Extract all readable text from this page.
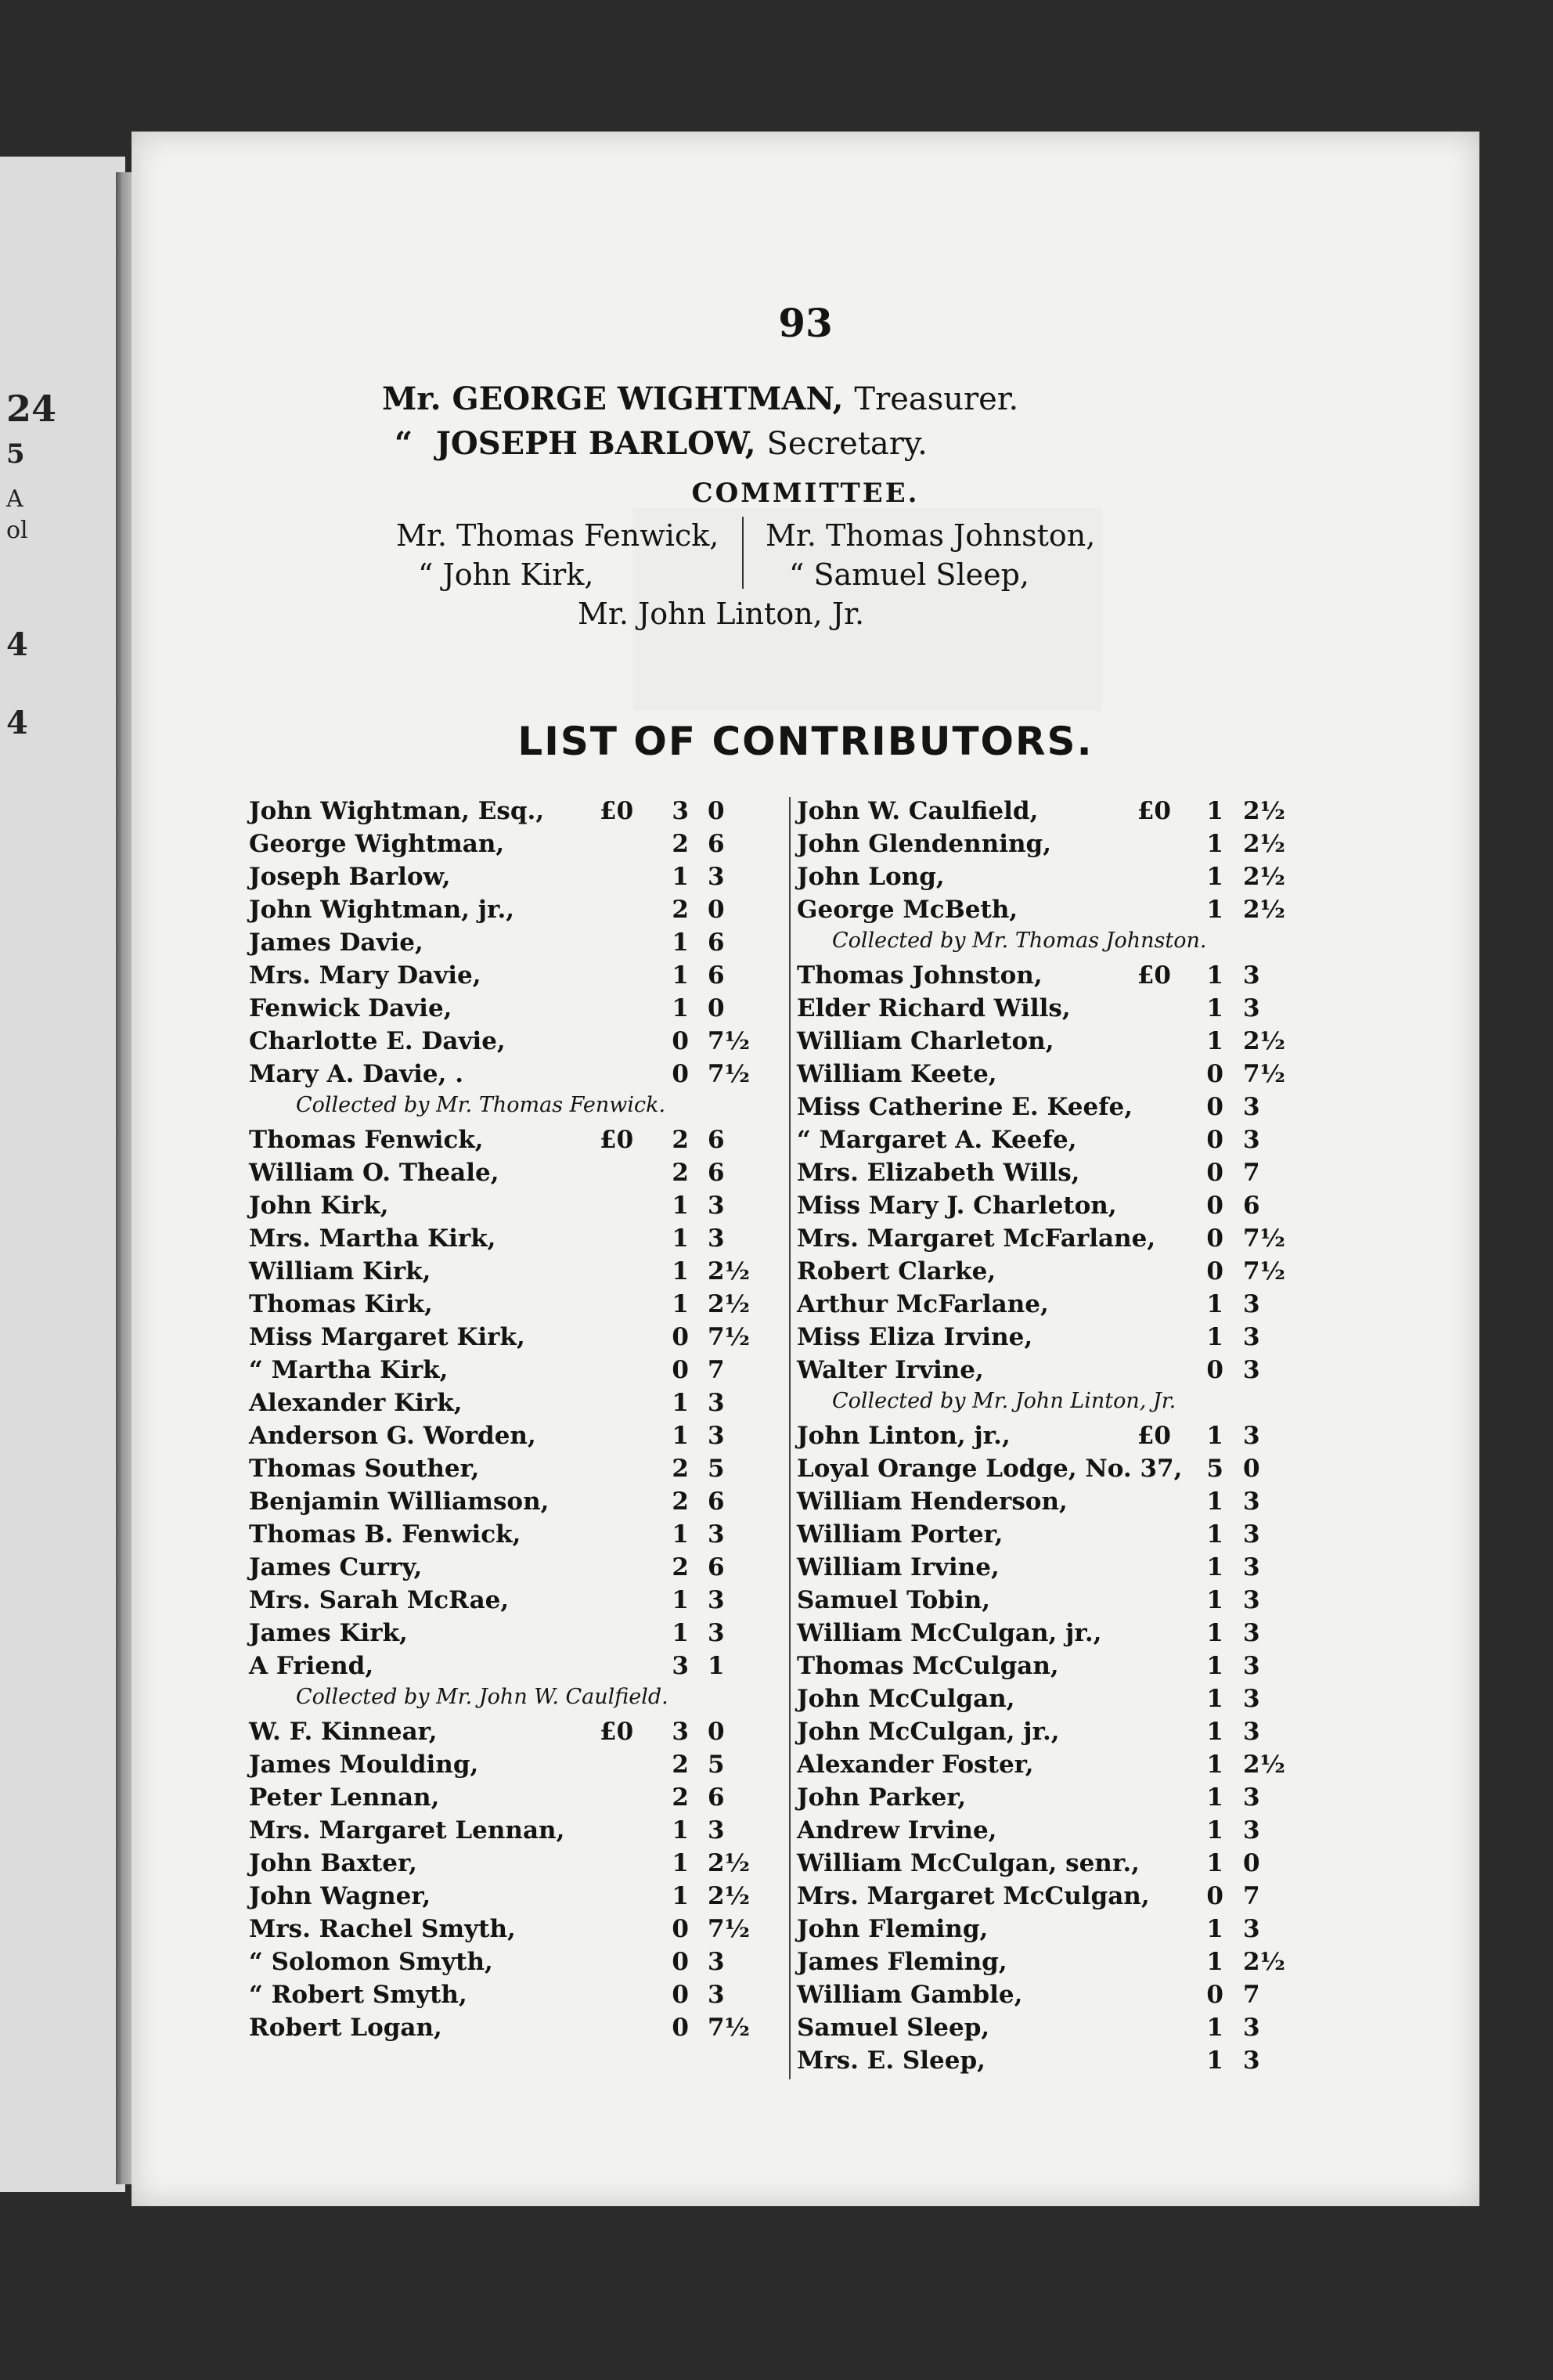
24
5
A
ol
4
4
93
Mr. GEORGE WIGHTMAN, Treasurer.
“ JOSEPH BARLOW, Secretary.
COMMITTEE.
Mr. Thomas Fenwick, Mr. Thomas Johnston,
“ John Kirk,	“ Samuel Sleep,
Mr. John Linton, Jr.
LIST OF CONTRIBUTORS.
John Wightman, Esq., £0	3 0
George Wightman,	2 6
Joseph Barlow,	1 3
John Wightman, jr.,	2 0
James Davie,	1 6
Mrs. Mary Davie,	1 6
Fenwick Davie,	1 0
Charlotte E. Davie,	0 7½
Mary A. Davie, .	0 7½
Collected by Mr. Thomas Fenwick.
Thomas Fenwick,	£0	2 6
William O. Theale,	2 6
John Kirk,	1 3
Mrs. Martha Kirk,	1 3
William Kirk,	1 2½
Thomas Kirk,	1 2½
Miss Margaret Kirk,	0 7½
“ Martha Kirk,	0 7
Alexander Kirk,	1 3
Anderson G. Worden,	1 3
Thomas Souther,	2 5
Benjamin Williamson,	2 6
Thomas B. Fenwick,	1 3
James Curry,	2 6
Mrs. Sarah McRae,	1 3
James Kirk,	1 3
A Friend,	3 1
Collected by Mr. John W. Caulfield.
W. F. Kinnear,	£0	3 0
James Moulding,	2 5
Peter Lennan,	2 6
Mrs. Margaret Lennan,	1 3
John Baxter,	1 2½
John Wagner,	1 2½
Mrs. Rachel Smyth,	0 7½
“ Solomon Smyth,	0 3
“ Robert Smyth,	0 3
Robert Logan,	0 7½
John W. Caulfield,	£0	1 2½
John Glendenning,	1 2½
John Long,	1 2½
George McBeth,	1 2½
Collected by Mr. Thomas Johnston.
Thomas Johnston,	£0	1 3
Elder Richard Wills,	1 3
William Charleton,	1 2½
William Keete,	0 7½
Miss Catherine E. Keefe,	0 3
“ Margaret A. Keefe,	0 3
Mrs. Elizabeth Wills,	0 7
Miss Mary J. Charleton,	0 6
Mrs. Margaret McFarlane,	0 7½
Robert Clarke,	0 7½
Arthur McFarlane,	1 3
Miss Eliza Irvine,	1 3
Walter Irvine,	0 3
Collected by Mr. John Linton, Jr.
John Linton, jr.,	£0	1 3
Loyal Orange Lodge, No. 37,	5 0
William Henderson,	1 3
William Porter,	1 3
William Irvine,	1 3
Samuel Tobin,	1 3
William McCulgan, jr.,	1 3
Thomas McCulgan,	1 3
John McCulgan,	1 3
John McCulgan, jr.,	1 3
Alexander Foster,	1 2½
John Parker,	1 3
Andrew Irvine,	1 3
William McCulgan, senr.,	1 0
Mrs. Margaret McCulgan,	0 7
John Fleming,	1 3
James Fleming,	1 2½
William Gamble,	0 7
Samuel Sleep,	1 3
Mrs. E. Sleep,	1 3
